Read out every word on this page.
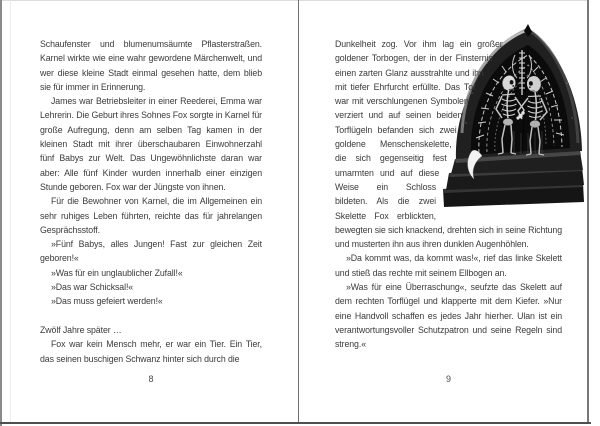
Schaufenster und blumenumsäumte Pflasterstraßen. Karnel wirkte wie eine wahr gewordene Märchenwelt, und wer diese kleine Stadt einmal gesehen hatte, dem blieb sie für immer in Erinnerung.

James war Betriebsleiter in einer Reederei, Emma war Lehrerin. Die Geburt ihres Sohnes Fox sorgte in Karnel für große Aufregung, denn am selben Tag kamen in der kleinen Stadt mit ihrer überschaubaren Einwohnerzahl fünf Babys zur Welt. Das Ungewöhnlichste daran war aber: Alle fünf Kinder wurden innerhalb einer einzigen Stunde geboren. Fox war der Jüngste von ihnen.

Für die Bewohner von Karnel, die im Allgemeinen ein sehr ruhiges Leben führten, reichte das für jahrelangen Gesprächsstoff.

»Fünf Babys, alles Jungen! Fast zur gleichen Zeit geboren!«

»Was für ein unglaublicher Zufall!«

»Das war Schicksal!«

»Das muss gefeiert werden!«

Zwölf Jahre später …

Fox war kein Mensch mehr, er war ein Tier. Ein Tier, das seinen buschigen Schwanz hinter sich durch die

8

Dunkelheit zog. Vor ihm lag ein großer goldener Torbogen, der in der Finsternis einen zarten Glanz ausstrahlte und ihn mit tiefer Ehrfurcht erfüllte. Das Tor war mit verschlungenen Symbolen verziert und auf seinen beiden Torflügeln befanden sich zwei goldene Menschenskelette, die sich gegenseitig fest umarmten und auf diese Weise ein Schloss bildeten. Als die zwei Skelette Fox erblickten, bewegten sie sich knackend, drehten sich in seine Richtung und musterten ihn aus ihren dunklen Augenhöhlen.

»Da kommt was, da kommt was!«, rief das linke Skelett und stieß das rechte mit seinem Ellbogen an.

»Was für eine Überraschung«, seufzte das Skelett auf dem rechten Torflügel und klapperte mit dem Kiefer. »Nur eine Handvoll schaffen es jedes Jahr hierher. Ulan ist ein verantwortungsvoller Schutzpatron und seine Regeln sind streng.«

9
